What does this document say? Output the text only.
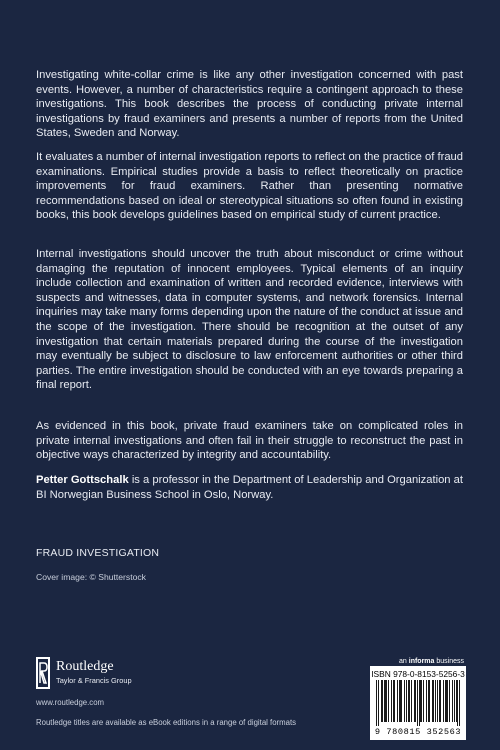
Investigating white-collar crime is like any other investigation concerned with past events. However, a number of characteristics require a contingent approach to these investigations. This book describes the process of conducting private internal investigations by fraud examiners and presents a number of reports from the United States, Sweden and Norway.

It evaluates a number of internal investigation reports to reflect on the practice of fraud examinations. Empirical studies provide a basis to reflect theoretically on practice improvements for fraud examiners. Rather than presenting normative recommendations based on ideal or stereotypical situations so often found in existing books, this book develops guidelines based on empirical study of current practice.

Internal investigations should uncover the truth about misconduct or crime without damaging the reputation of innocent employees. Typical elements of an inquiry include collection and examination of written and recorded evidence, interviews with suspects and witnesses, data in computer systems, and network forensics. Internal inquiries may take many forms depending upon the nature of the conduct at issue and the scope of the investigation. There should be recognition at the outset of any investigation that certain materials prepared during the course of the investigation may eventually be subject to disclosure to law enforcement authorities or other third parties. The entire investigation should be conducted with an eye towards preparing a final report.

As evidenced in this book, private fraud examiners take on complicated roles in private internal investigations and often fail in their struggle to reconstruct the past in objective ways characterized by integrity and accountability.

Petter Gottschalk is a professor in the Department of Leadership and Organization at BI Norwegian Business School in Oslo, Norway.

FRAUD INVESTIGATION
Cover image: © Shutterstock
Routledge
Taylor & Francis Group
www.routledge.com
Routledge titles are available as eBook editions in a range of digital formats
an informa business
ISBN 978-0-8153-5256-3
9 780815 352563
